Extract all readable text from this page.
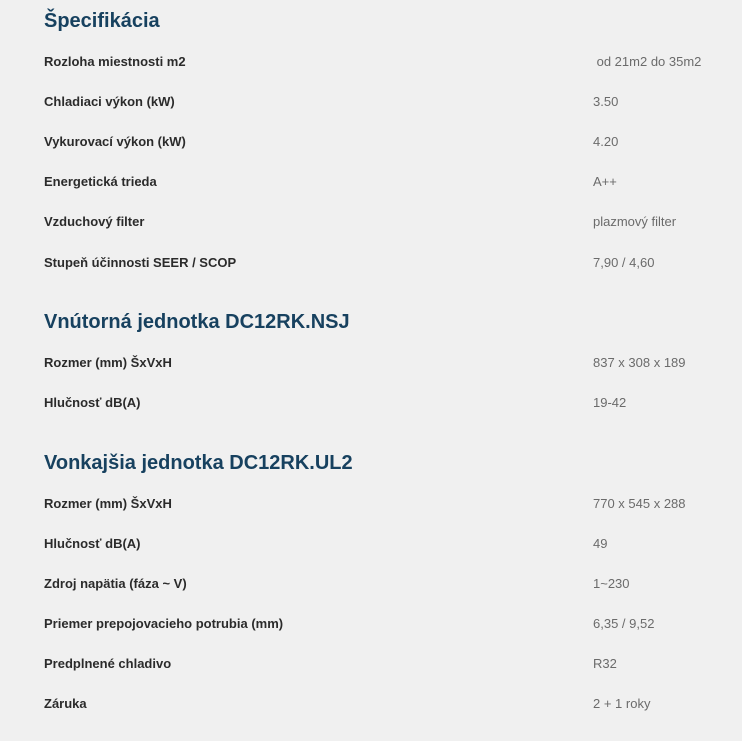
Špecifikácia
Rozloha miestnosti m2	od 21m2 do 35m2
Chladiaci výkon (kW)	3.50
Vykurovací výkon (kW)	4.20
Energetická trieda	A++
Vzduchový filter	plazmový filter
Stupeň účinnosti SEER / SCOP	7,90 / 4,60
Vnútorná jednotka DC12RK.NSJ
Rozmer (mm) ŠxVxH	837 x 308 x 189
Hlučnosť dB(A)	19-42
Vonkajšia jednotka DC12RK.UL2
Rozmer (mm) ŠxVxH	770 x 545 x 288
Hlučnosť dB(A)	49
Zdroj napätia (fáza ~ V)	1~230
Priemer prepojovacieho potrubia (mm)	6,35 / 9,52
Predplnené chladivo	R32
Záruka	2 + 1 roky
